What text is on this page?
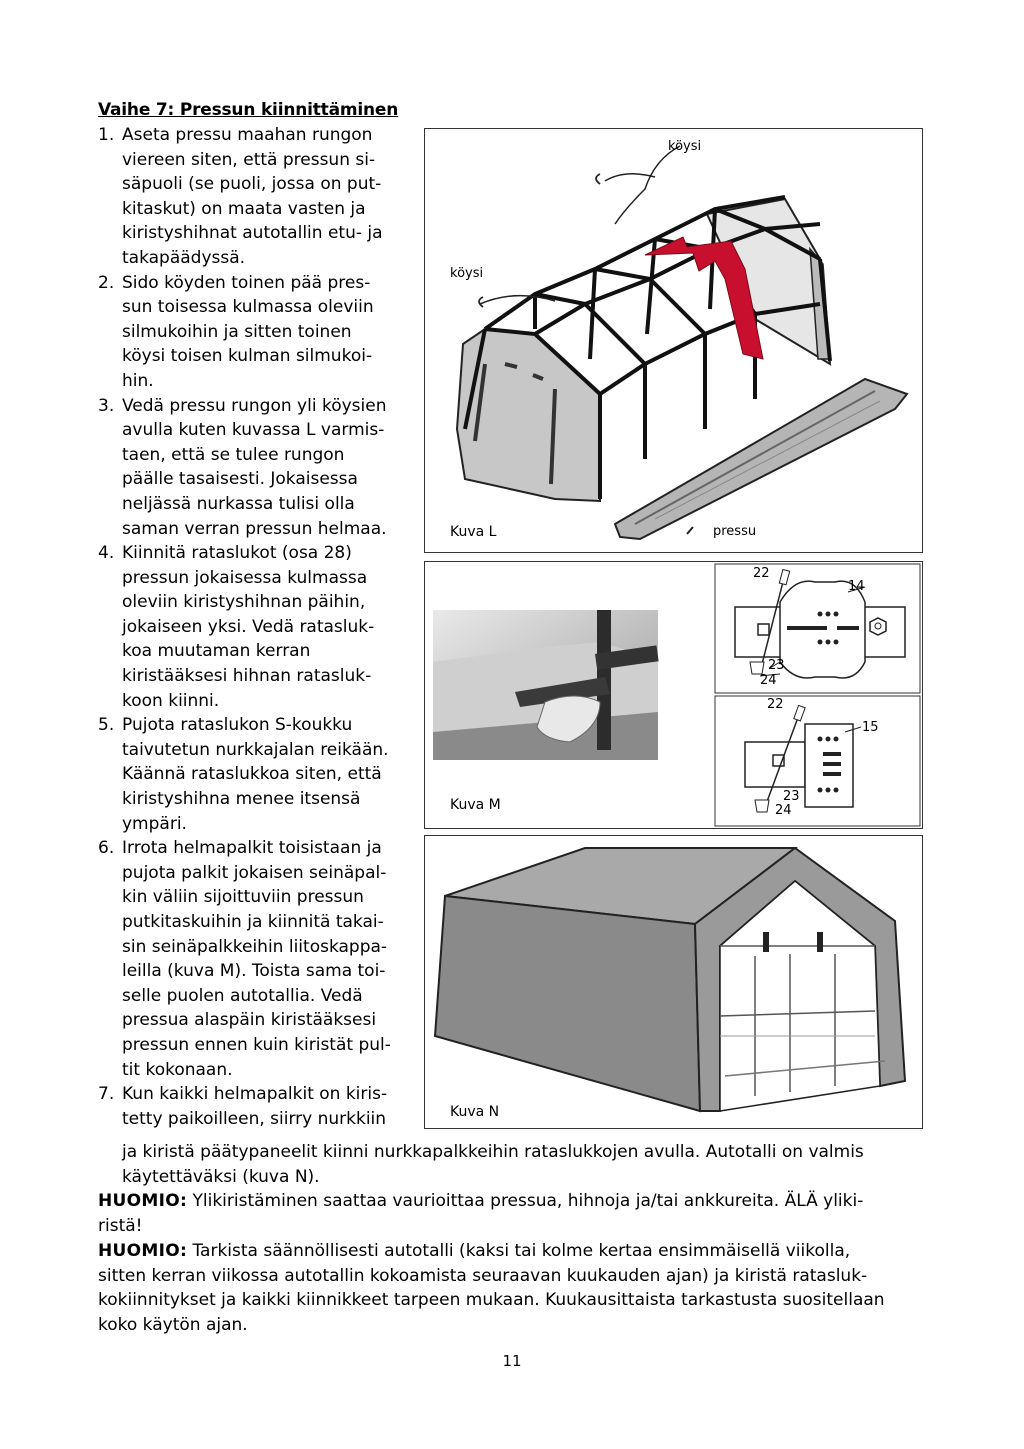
Vaihe 7: Pressun kiinnittäminen
1. Aseta pressu maahan rungon
viereen siten, että pressun si-
säpuoli (se puoli, jossa on put-
kitaskut) on maata vasten ja
kiristyshihnat autotallin etu- ja
takapäädyssä.
2. Sido köyden toinen pää pres-
sun toisessa kulmassa oleviin
silmukoihin ja sitten toinen
köysi toisen kulman silmukoi-
hin.
3. Vedä pressu rungon yli köysien
avulla kuten kuvassa L varmis-
taen, että se tulee rungon
päälle tasaisesti. Jokaisessa
neljässä nurkassa tulisi olla
saman verran pressun helmaa.
4. Kiinnitä rataslukot (osa 28)
pressun jokaisessa kulmassa
oleviin kiristyshihnan päihin,
jokaiseen yksi. Vedä ratasluk-
koa muutaman kerran
kiristääksesi hihnan ratasluk-
koon kiinni.
5. Pujota rataslukon S-koukku
taivutetun nurkkajalan reikään.
Käännä rataslukkoa siten, että
kiristyshihna menee itsensä
ympäri.
6. Irrota helmapalkit toisistaan ja
pujota palkit jokaisen seinäpal-
kin väliin sijoittuviin pressun
putkitaskuihin ja kiinnitä takai-
sin seinäpalkkeihin liitoskappa-
leilla (kuva M). Toista sama toi-
selle puolen autotallia. Vedä
pressua alaspäin kiristääksesi
pressun ennen kuin kiristät pul-
tit kokonaan.
7. Kun kaikki helmapalkit on kiris-
tetty paikoilleen, siirry nurkkiin
ja kiristä päätypaneelit kiinni nurkkapalkkeihin rataslukkojen avulla. Autotalli on valmis
käytettäväksi (kuva N).
HUOMIO: Ylikiristäminen saattaa vaurioittaa pressua, hihnoja ja/tai ankkureita. ÄLÄ yliki-
ristä!
HUOMIO: Tarkista säännöllisesti autotalli (kaksi tai kolme kertaa ensimmäisellä viikolla,
sitten kerran viikossa autotallin kokoamista seuraavan kuukauden ajan) ja kiristä ratasluk-
kokiinnitykset ja kaikki kiinnikkeet tarpeen mukaan. Kuukausittaista tarkastusta suositellaan
koko käytön ajan.
köysi
köysi
pressu
Kuva L
22
14
23
24
22
15
23
24
Kuva M
Kuva N
11
